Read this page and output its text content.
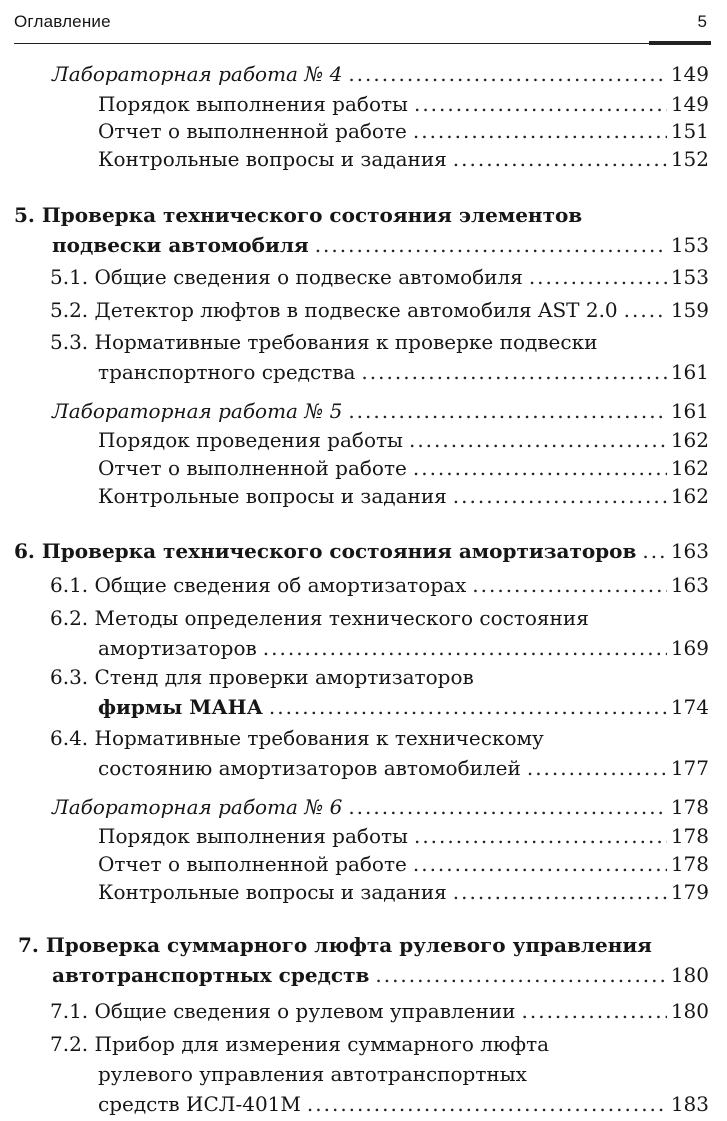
Оглавление	5
Лабораторная работа № 4 .....	149
Порядок выполнения работы .....	149
Отчет о выполненной работе .....	151
Контрольные вопросы и задания .....	152
5. Проверка технического состояния элементов
подвески автомобиля .....	153
5.1. Общие сведения о подвеске автомобиля .....	153
5.2. Детектор люфтов в подвеске автомобиля AST 2.0 .....	159
5.3. Нормативные требования к проверке подвески
транспортного средства .....	161
Лабораторная работа № 5 .....	161
Порядок проведения работы .....	162
Отчет о выполненной работе .....	162
Контрольные вопросы и задания .....	162
6. Проверка технического состояния амортизаторов ..... 163
6.1. Общие сведения об амортизаторах .....	163
6.2. Методы определения технического состояния
амортизаторов .....	169
6.3. Стенд для проверки амортизаторов
фирмы МАНА .....	174
6.4. Нормативные требования к техническому
состоянию амортизаторов автомобилей .....	177
Лабораторная работа № 6 .....	178
Порядок выполнения работы .....	178
Отчет о выполненной работе .....	178
Контрольные вопросы и задания .....	179
7. Проверка суммарного люфта рулевого управления
автотранспортных средств .....	180
7.1. Общие сведения о рулевом управлении .....	180
7.2. Прибор для измерения суммарного люфта
рулевого управления автотранспортных
средств ИСЛ-401М .....	183
